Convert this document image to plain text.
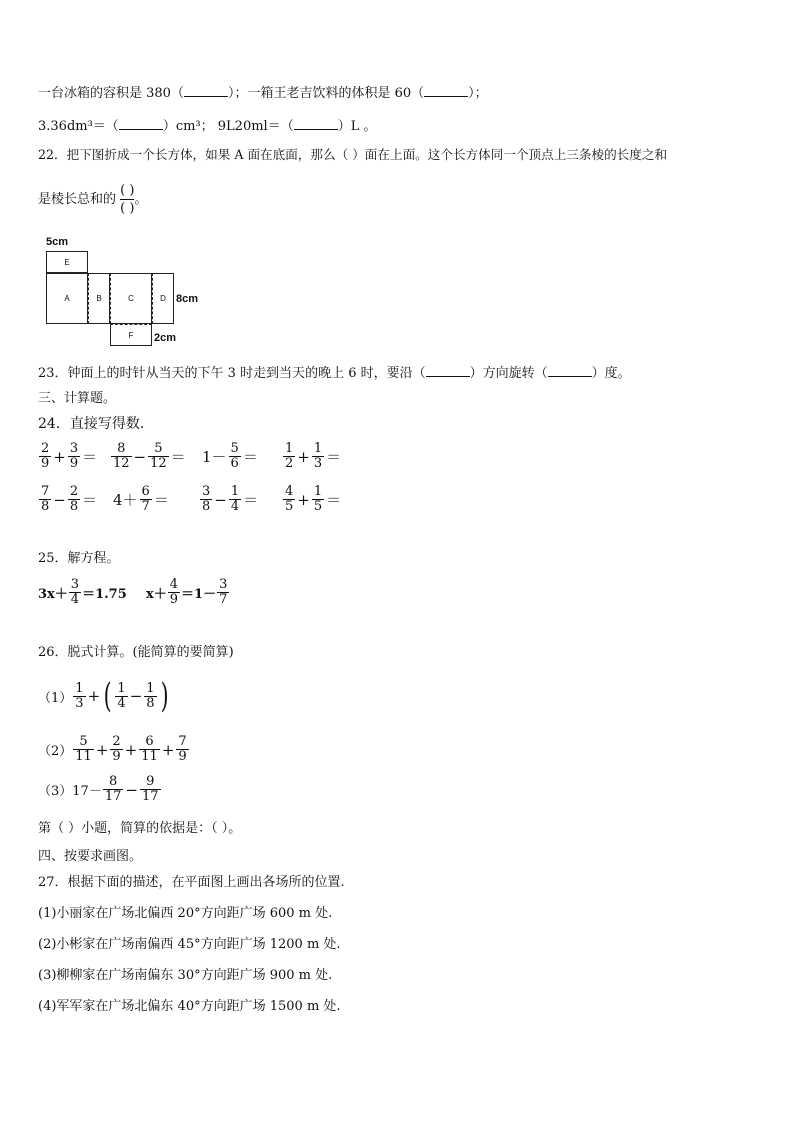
一台冰箱的容积是 380（	）；一箱王老吉饮料的体积是 60（	）；
3.36dm³＝（	）cm³； 9L20ml＝（	）L 。
22．把下图折成一个长方体，如果 A 面在底面，那么（ ）面在上面。这个长方体同一个顶点上三条棱的长度之和
是棱长总和的 $\frac{( )}{( )}$ 。
5cm
E
A	B	C	D
F
8cm
2cm
23．钟面上的时针从当天的下午 3 时走到当天的晚上 6 时，要沿（	）方向旋转（	）度。
三、计算题。
24．直接写得数．
$\frac{2}{9} + \frac{3}{9} = \frac{8}{12} - \frac{5}{12} = 1- \frac{5}{6} = \frac{1}{2} + \frac{1}{3}$ ＝
$\frac{7}{8} - \frac{2}{8} = 4+ \frac{6}{7} = \frac{3}{8} - \frac{1}{4} = \frac{4}{5} + \frac{1}{5}$ ＝
25．解方程。
$3x+ \frac{3}{4} =1.75$ $x+ \frac{4}{9} =1- \frac{3}{7}$
26．脱式计算。(能简算的要简算)
$(1) \frac{1}{3}$ + ( $\frac{1}{4} - \frac{1}{8}$ )
$(2) \frac{5}{11} + \frac{2}{9} + \frac{6}{11} + \frac{7}{9}$
（3） $17- \frac{8}{17} - \frac{9}{17}$
第（ ）小题，简算的依据是：（ ）。
四、按要求画图。
27．根据下面的描述，在平面图上画出各场所的位置.
(1)小丽家在广场北偏西 20°方向距广场 600 m 处.
(2)小彬家在广场南偏西 45°方向距广场 1200 m 处.
(3)柳柳家在广场南偏东 30°方向距广场 900 m 处.
(4)军军家在广场北偏东 40°方向距广场 1500 m 处.
